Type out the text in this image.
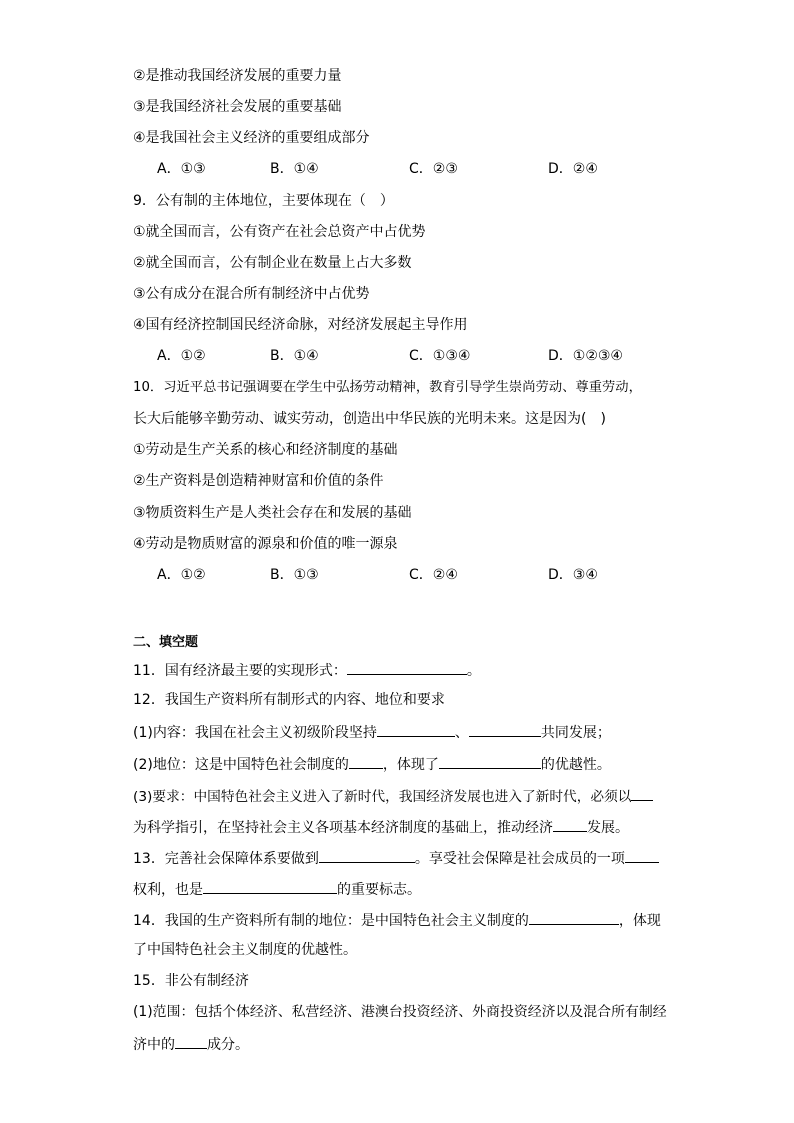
②是推动我国经济发展的重要力量
③是我国经济社会发展的重要基础
④是我国社会主义经济的重要组成部分
A．①③	B．①④	C．②③	D．②④
9．公有制的主体地位，主要体现在（　）
①就全国而言，公有资产在社会总资产中占优势
②就全国而言，公有制企业在数量上占大多数
③公有成分在混合所有制经济中占优势
④国有经济控制国民经济命脉，对经济发展起主导作用
A．①②	B．①④	C．①③④	D．①②③④
10．习近平总书记强调要在学生中弘扬劳动精神，教育引导学生崇尚劳动、尊重劳动，
长大后能够辛勤劳动、诚实劳动，创造出中华民族的光明未来。这是因为(　)
①劳动是生产关系的核心和经济制度的基础
②生产资料是创造精神财富和价值的条件
③物质资料生产是人类社会存在和发展的基础
④劳动是物质财富的源泉和价值的唯一源泉
A．①②	B．①③	C．②④	D．③④
二、填空题
11．国有经济最主要的实现形式：	。
12．我国生产资料所有制形式的内容、地位和要求
(1)内容：我国在社会主义初级阶段坚持	、	共同发展；
(2)地位：这是中国特色社会制度的 ，体现了	的优越性。
(3)要求：中国特色社会主义进入了新时代，我国经济发展也进入了新时代，必须以
为科学指引，在坚持社会主义各项基本经济制度的基础上，推动经济 发展。
13．完善社会保障体系要做到	。享受社会保障是社会成员的一项
权利，也是	的重要标志。
14．我国的生产资料所有制的地位：是中国特色社会主义制度的	，体现
了中国特色社会主义制度的优越性。
15．非公有制经济
(1)范围：包括个体经济、私营经济、港澳台投资经济、外商投资经济以及混合所有制经
济中的 成分。
